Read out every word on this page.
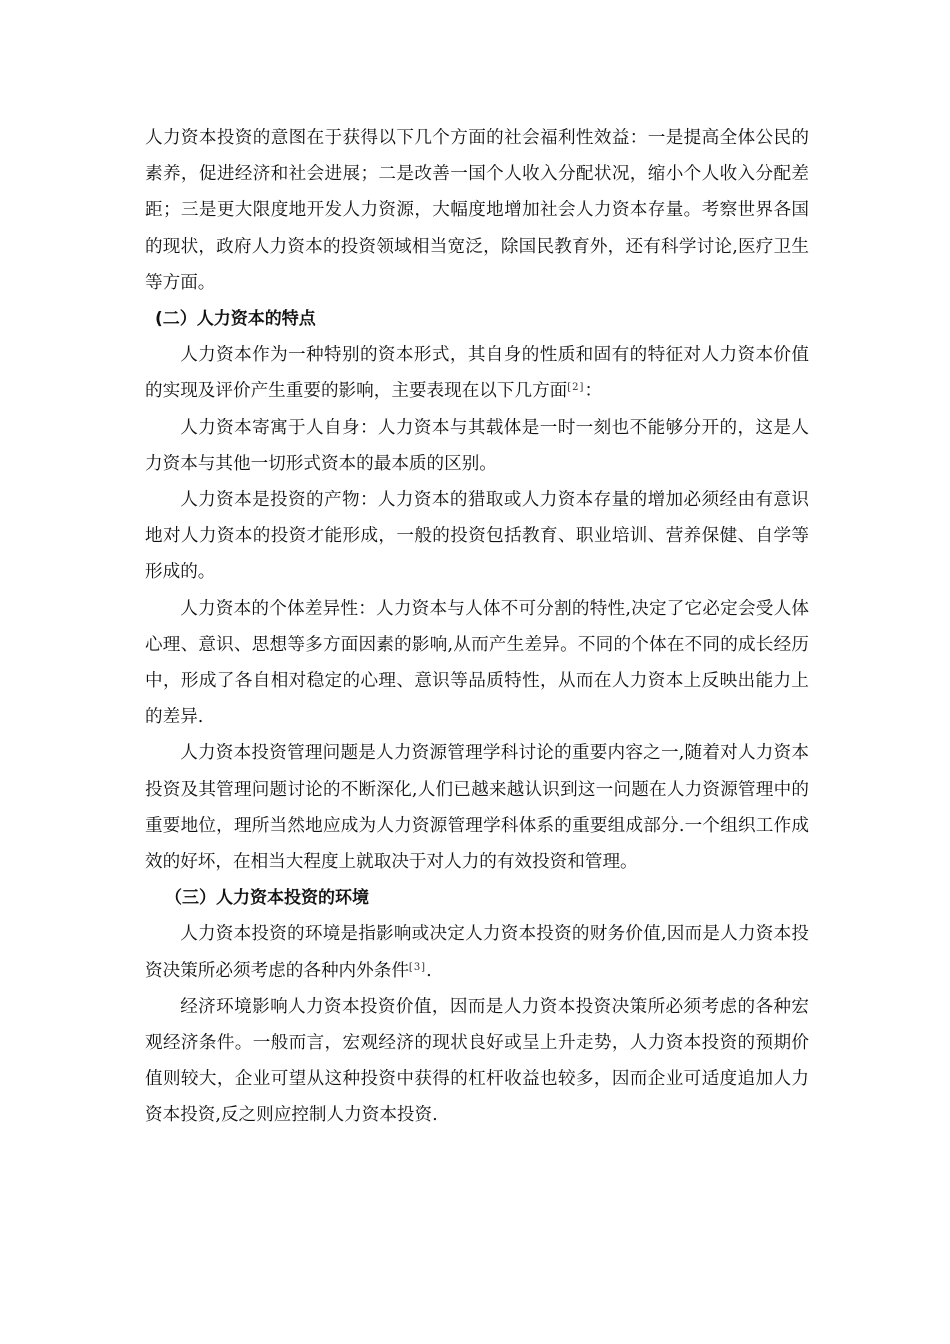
人力资本投资的意图在于获得以下几个方面的社会福利性效益：一是提高全体公民的素养，促进经济和社会进展；二是改善一国个人收入分配状况，缩小个人收入分配差距；三是更大限度地开发人力资源，大幅度地增加社会人力资本存量。考察世界各国的现状，政府人力资本的投资领域相当宽泛，除国民教育外，还有科学讨论,医疗卫生等方面。

(二）人力资本的特点

人力资本作为一种特别的资本形式，其自身的性质和固有的特征对人力资本价值的实现及评价产生重要的影响，主要表现在以下几方面[2]：

人力资本寄寓于人自身：人力资本与其载体是一时一刻也不能够分开的，这是人力资本与其他一切形式资本的最本质的区别。

人力资本是投资的产物：人力资本的猎取或人力资本存量的增加必须经由有意识地对人力资本的投资才能形成，一般的投资包括教育、职业培训、营养保健、自学等形成的。

人力资本的个体差异性：人力资本与人体不可分割的特性,决定了它必定会受人体心理、意识、思想等多方面因素的影响,从而产生差异。不同的个体在不同的成长经历中，形成了各自相对稳定的心理、意识等品质特性，从而在人力资本上反映出能力上的差异.

人力资本投资管理问题是人力资源管理学科讨论的重要内容之一,随着对人力资本投资及其管理问题讨论的不断深化,人们已越来越认识到这一问题在人力资源管理中的重要地位，理所当然地应成为人力资源管理学科体系的重要组成部分.一个组织工作成效的好坏，在相当大程度上就取决于对人力的有效投资和管理。

（三）人力资本投资的环境

人力资本投资的环境是指影响或决定人力资本投资的财务价值,因而是人力资本投资决策所必须考虑的各种内外条件[3].

经济环境影响人力资本投资价值，因而是人力资本投资决策所必须考虑的各种宏观经济条件。一般而言，宏观经济的现状良好或呈上升走势，人力资本投资的预期价值则较大，企业可望从这种投资中获得的杠杆收益也较多，因而企业可适度追加人力资本投资,反之则应控制人力资本投资.
